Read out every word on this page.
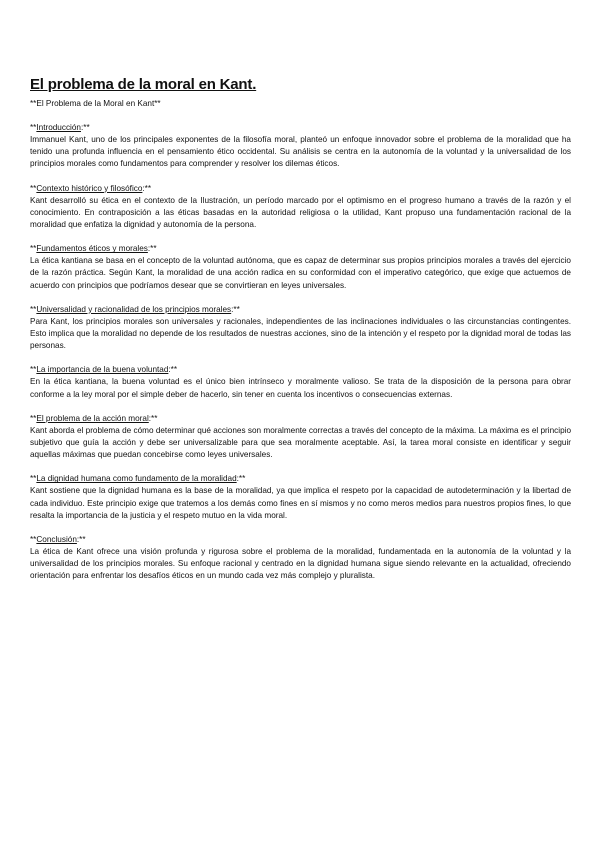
El problema de la moral en Kant.

**El Problema de la Moral en Kant**

**Introducción:**

Immanuel Kant, uno de los principales exponentes de la filosofía moral, planteó un enfoque innovador sobre el problema de la moralidad que ha tenido una profunda influencia en el pensamiento ético occidental. Su análisis se centra en la autonomía de la voluntad y la universalidad de los principios morales como fundamentos para comprender y resolver los dilemas éticos.

**Contexto histórico y filosófico:**

Kant desarrolló su ética en el contexto de la Ilustración, un período marcado por el optimismo en el progreso humano a través de la razón y el conocimiento. En contraposición a las éticas basadas en la autoridad religiosa o la utilidad, Kant propuso una fundamentación racional de la moralidad que enfatiza la dignidad y autonomía de la persona.

**Fundamentos éticos y morales:**

La ética kantiana se basa en el concepto de la voluntad autónoma, que es capaz de determinar sus propios principios morales a través del ejercicio de la razón práctica. Según Kant, la moralidad de una acción radica en su conformidad con el imperativo categórico, que exige que actuemos de acuerdo con principios que podríamos desear que se convirtieran en leyes universales.

**Universalidad y racionalidad de los principios morales:**

Para Kant, los principios morales son universales y racionales, independientes de las inclinaciones individuales o las circunstancias contingentes. Esto implica que la moralidad no depende de los resultados de nuestras acciones, sino de la intención y el respeto por la dignidad moral de todas las personas.

**La importancia de la buena voluntad:**

En la ética kantiana, la buena voluntad es el único bien intrínseco y moralmente valioso. Se trata de la disposición de la persona para obrar conforme a la ley moral por el simple deber de hacerlo, sin tener en cuenta los incentivos o consecuencias externas.

**El problema de la acción moral:**

Kant aborda el problema de cómo determinar qué acciones son moralmente correctas a través del concepto de la máxima. La máxima es el principio subjetivo que guía la acción y debe ser universalizable para que sea moralmente aceptable. Así, la tarea moral consiste en identificar y seguir aquellas máximas que puedan concebirse como leyes universales.

**La dignidad humana como fundamento de la moralidad:**

Kant sostiene que la dignidad humana es la base de la moralidad, ya que implica el respeto por la capacidad de autodeterminación y la libertad de cada individuo. Este principio exige que tratemos a los demás como fines en sí mismos y no como meros medios para nuestros propios fines, lo que resalta la importancia de la justicia y el respeto mutuo en la vida moral.

**Conclusión:**

La ética de Kant ofrece una visión profunda y rigurosa sobre el problema de la moralidad, fundamentada en la autonomía de la voluntad y la universalidad de los principios morales. Su enfoque racional y centrado en la dignidad humana sigue siendo relevante en la actualidad, ofreciendo orientación para enfrentar los desafíos éticos en un mundo cada vez más complejo y pluralista.
